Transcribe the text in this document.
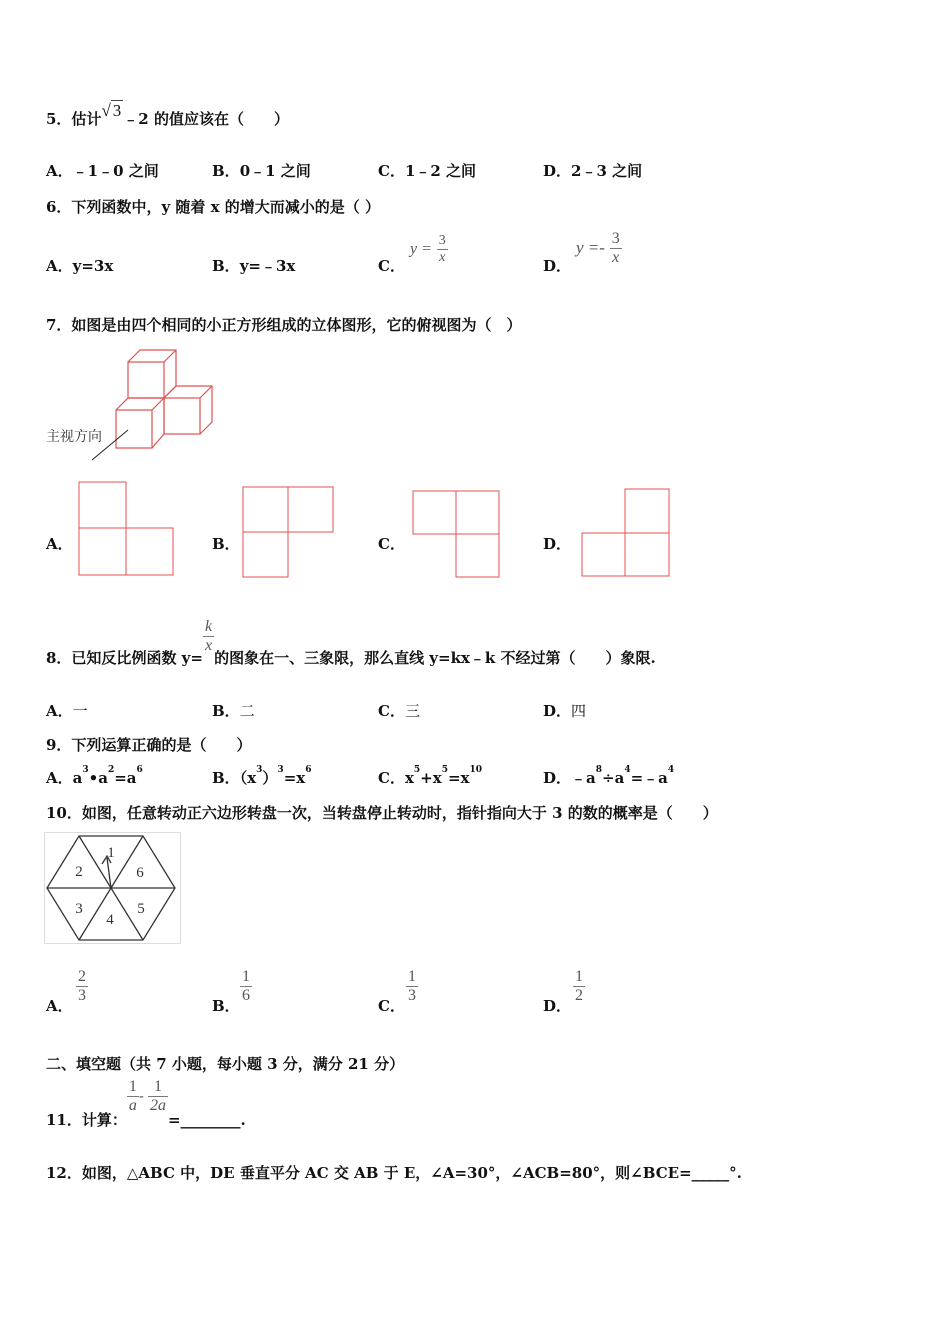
5．估计√ 3 ﹣2 的值应该在（　　）
A．﹣1﹣0 之间	B．0﹣1 之间	C．1﹣2 之间	D．2﹣3 之间
6．下列函数中，y 随着 x 的增大而减小的是（ ）
A．y=3x	B．y=﹣3x	C．
$y = \frac{3}{x}$	D．
$y =- \frac{3}{x}$
7．如图是由四个相同的小正方形组成的立体图形，它的俯视图为（　）
主视方向
A．	B．	C．	D．
8．已知反比例函数 y=
$\frac{k}{x}$
的图象在一、三象限，那么直线 y=kx﹣k 不经过第（　　）象限.
A．一	B．二	C．三	D．四
9．下列运算正确的是（　　）
A．$a^3•a^2=a^6$	B．$(x^3)^3=x^6$	C．$x^5+x^5=x^{10}$	D．$﹣a^8\div a^4=﹣a^4$
10．如图，任意转动正六边形转盘一次，当转盘停止转动时，指针指向大于 3 的数的概率是（　　）
1
6
5
4
3
2
A．
$\frac{2}{3}$
B．
$\frac{1}{6}$
C．
$\frac{1}{3}$
D．
$\frac{1}{2}$
二、填空题（共 7 小题，每小题 3 分，满分 21 分）
11．计算：
$\frac{1}{a} - \frac{1}{2a}$
=________.
12．如图，△ABC 中，DE 垂直平分 AC 交 AB 于 E，∠A=30°，∠ACB=80°，则∠BCE=_____°.
